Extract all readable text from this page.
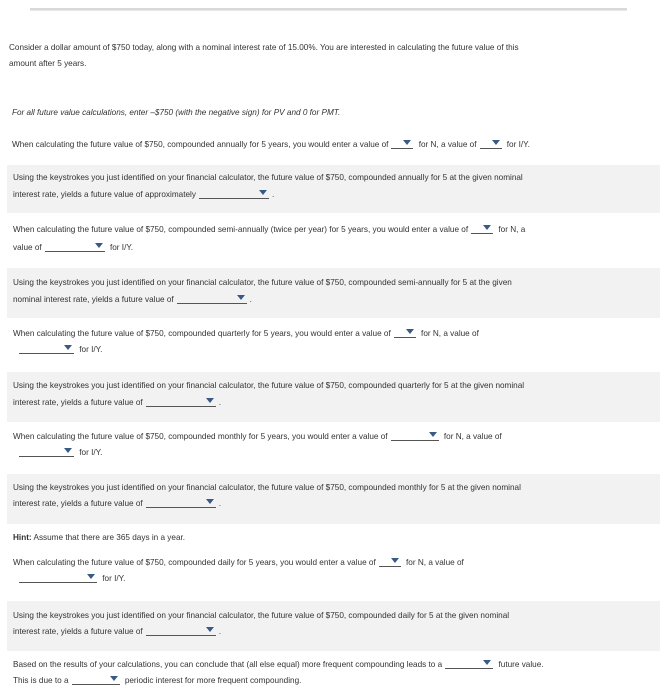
Consider a dollar amount of $750 today, along with a nominal interest rate of 15.00%. You are interested in calculating the future value of this
amount after 5 years.
For all future value calculations, enter –$750 (with the negative sign) for PV and 0 for PMT.
When calculating the future value of $750, compounded annually for 5 years, you would enter a value of	for N, a value of	for I/Y.
Using the keystrokes you just identified on your financial calculator, the future value of $750, compounded annually for 5 at the given nominal
interest rate, yields a future value of approximately	.
When calculating the future value of $750, compounded semi-annually (twice per year) for 5 years, you would enter a value of	for N, a
value of	for I/Y.
Using the keystrokes you just identified on your financial calculator, the future value of $750, compounded semi-annually for 5 at the given
nominal interest rate, yields a future value of	.
When calculating the future value of $750, compounded quarterly for 5 years, you would enter a value of	for N, a value of
for I/Y.
Using the keystrokes you just identified on your financial calculator, the future value of $750, compounded quarterly for 5 at the given nominal
interest rate, yields a future value of	.
When calculating the future value of $750, compounded monthly for 5 years, you would enter a value of	for N, a value of
for I/Y.
Using the keystrokes you just identified on your financial calculator, the future value of $750, compounded monthly for 5 at the given nominal
interest rate, yields a future value of	.
Hint: Assume that there are 365 days in a year.
When calculating the future value of $750, compounded daily for 5 years, you would enter a value of	for N, a value of
for I/Y.
Using the keystrokes you just identified on your financial calculator, the future value of $750, compounded daily for 5 at the given nominal
interest rate, yields a future value of	.
Based on the results of your calculations, you can conclude that (all else equal) more frequent compounding leads to a	future value.
This is due to a	periodic interest for more frequent compounding.
